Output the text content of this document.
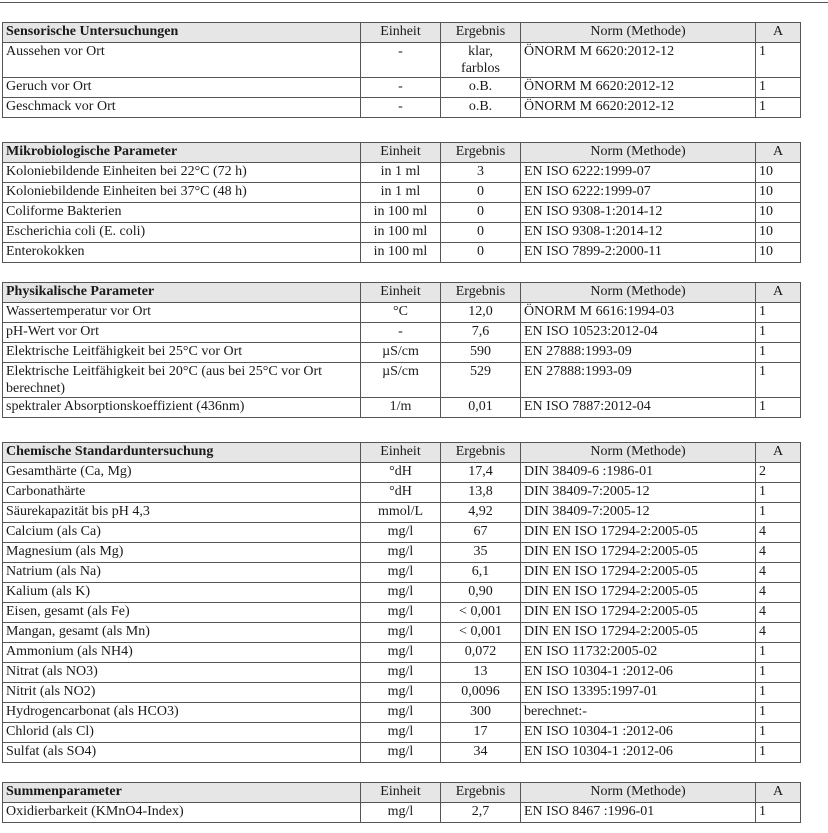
Sensorische Untersuchungen	Einheit	Ergebnis	Norm (Methode)	A
Aussehen vor Ort	-	klar, farblos	ÖNORM M 6620:2012-12	1
Geruch vor Ort	-	o.B.	ÖNORM M 6620:2012-12	1
Geschmack vor Ort	-	o.B.	ÖNORM M 6620:2012-12	1
Mikrobiologische Parameter	Einheit	Ergebnis	Norm (Methode)	A
Koloniebildende Einheiten bei 22°C (72 h)	in 1 ml	3	EN ISO 6222:1999-07	10
Koloniebildende Einheiten bei 37°C (48 h)	in 1 ml	0	EN ISO 6222:1999-07	10
Coliforme Bakterien	in 100 ml	0	EN ISO 9308-1:2014-12	10
Escherichia coli (E. coli)	in 100 ml	0	EN ISO 9308-1:2014-12	10
Enterokokken	in 100 ml	0	EN ISO 7899-2:2000-11	10
Physikalische Parameter	Einheit	Ergebnis	Norm (Methode)	A
Wassertemperatur vor Ort	°C	12,0	ÖNORM M 6616:1994-03	1
pH-Wert vor Ort	-	7,6	EN ISO 10523:2012-04	1
Elektrische Leitfähigkeit bei 25°C vor Ort	µS/cm	590	EN 27888:1993-09	1
Elektrische Leitfähigkeit bei 20°C (aus bei 25°C vor Ort berechnet)	µS/cm	529	EN 27888:1993-09	1
spektraler Absorptionskoeffizient (436nm)	1/m	0,01	EN ISO 7887:2012-04	1
Chemische Standarduntersuchung	Einheit	Ergebnis	Norm (Methode)	A
Gesamthärte (Ca, Mg)	°dH	17,4	DIN 38409-6 :1986-01	2
Carbonathärte	°dH	13,8	DIN 38409-7:2005-12	1
Säurekapazität bis pH 4,3	mmol/L	4,92	DIN 38409-7:2005-12	1
Calcium (als Ca)	mg/l	67	DIN EN ISO 17294-2:2005-05	4
Magnesium (als Mg)	mg/l	35	DIN EN ISO 17294-2:2005-05	4
Natrium (als Na)	mg/l	6,1	DIN EN ISO 17294-2:2005-05	4
Kalium (als K)	mg/l	0,90	DIN EN ISO 17294-2:2005-05	4
Eisen, gesamt (als Fe)	mg/l	< 0,001	DIN EN ISO 17294-2:2005-05	4
Mangan, gesamt (als Mn)	mg/l	< 0,001	DIN EN ISO 17294-2:2005-05	4
Ammonium (als NH4)	mg/l	0,072	EN ISO 11732:2005-02	1
Nitrat (als NO3)	mg/l	13	EN ISO 10304-1 :2012-06	1
Nitrit (als NO2)	mg/l	0,0096	EN ISO 13395:1997-01	1
Hydrogencarbonat (als HCO3)	mg/l	300	berechnet:-	1
Chlorid (als Cl)	mg/l	17	EN ISO 10304-1 :2012-06	1
Sulfat (als SO4)	mg/l	34	EN ISO 10304-1 :2012-06	1
Summenparameter	Einheit	Ergebnis	Norm (Methode)	A
Oxidierbarkeit (KMnO4-Index)	mg/l	2,7	EN ISO 8467 :1996-01	1
